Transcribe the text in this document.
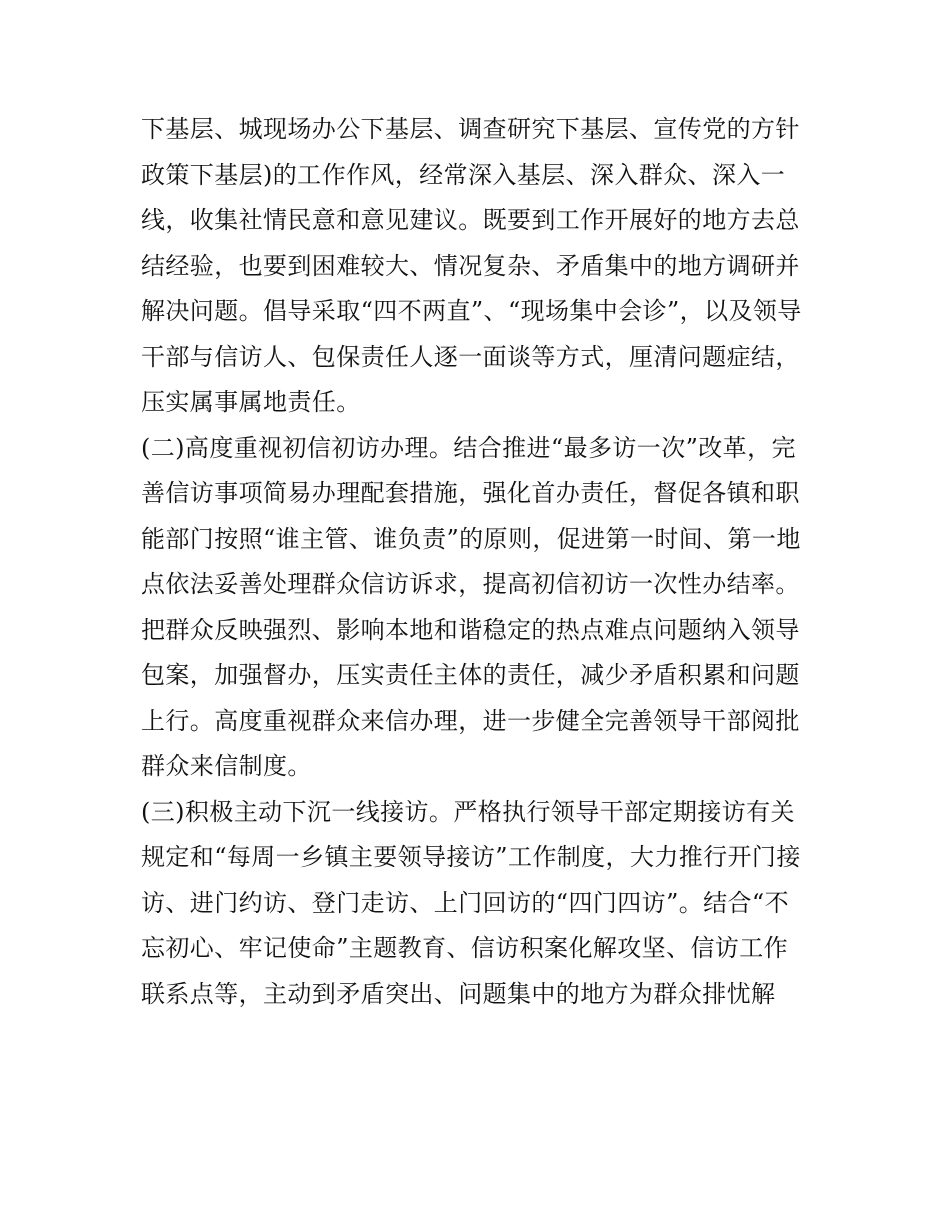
下基层、城现场办公下基层、调查研究下基层、宣传党的方针
政策下基层)的工作作风，经常深入基层、深入群众、深入一
线，收集社情民意和意见建议。既要到工作开展好的地方去总
结经验，也要到困难较大、情况复杂、矛盾集中的地方调研并
解决问题。倡导采取“四不两直”、“现场集中会诊”，以及领导
干部与信访人、包保责任人逐一面谈等方式，厘清问题症结，
压实属事属地责任。
(二)高度重视初信初访办理。结合推进“最多访一次”改革，完
善信访事项简易办理配套措施，强化首办责任，督促各镇和职
能部门按照“谁主管、谁负责”的原则，促进第一时间、第一地
点依法妥善处理群众信访诉求，提高初信初访一次性办结率。
把群众反映强烈、影响本地和谐稳定的热点难点问题纳入领导
包案，加强督办，压实责任主体的责任，减少矛盾积累和问题
上行。高度重视群众来信办理，进一步健全完善领导干部阅批
群众来信制度。
(三)积极主动下沉一线接访。严格执行领导干部定期接访有关
规定和“每周一乡镇主要领导接访”工作制度，大力推行开门接
访、进门约访、登门走访、上门回访的“四门四访”。结合“不
忘初心、牢记使命”主题教育、信访积案化解攻坚、信访工作
联系点等，主动到矛盾突出、问题集中的地方为群众排忧解
